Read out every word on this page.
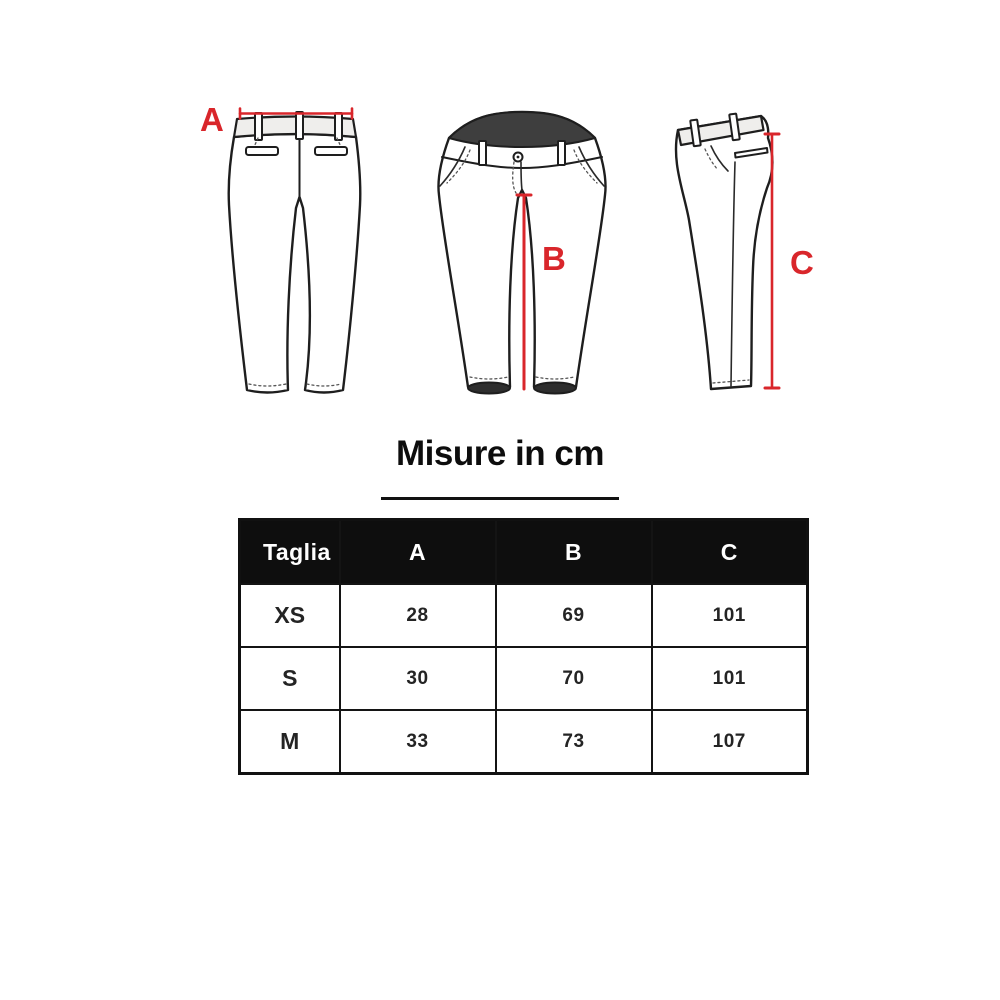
A
B	C
Misure in cm
Taglia	A	B	C
XS	28	69	101
S	30	70	101
M	33	73	107
